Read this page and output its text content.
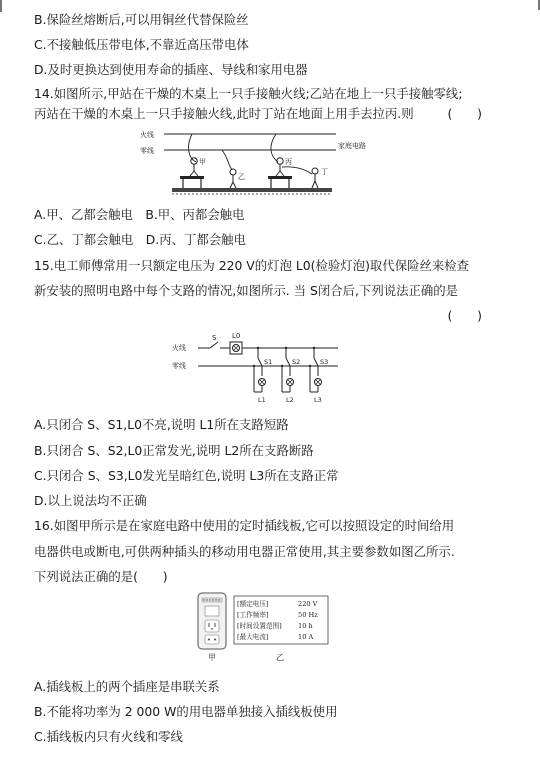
B.保险丝熔断后,可以用铜丝代替保险丝
C.不接触低压带电体,不靠近高压带电体
D.及时更换达到使用寿命的插座、导线和家用电器
14.如图所示,甲站在干燥的木桌上一只手接触火线;乙站在地上一只手接触零线;
丙站在干燥的木桌上一只手接触火线,此时丁站在地面上用手去拉丙.则	(　　)
火线
零线
家庭电路
甲
乙
丙
丁
A.甲、乙都会触电　B.甲、丙都会触电
C.乙、丁都会触电　D.丙、丁都会触电
15.电工师傅常用一只额定电压为 220 V的灯泡 L0(检验灯泡)取代保险丝来检查
新安装的照明电路中每个支路的情况,如图所示. 当 S闭合后,下列说法正确的是
(　　)
火线
零线
S L0
S1
L1
S2
L2
S3
L3
A.只闭合 S、S1,L0不亮,说明 L1所在支路短路
B.只闭合 S、S2,L0正常发光,说明 L2所在支路断路
C.只闭合 S、S3,L0发光呈暗红色,说明 L3所在支路正常
D.以上说法均不正确
16.如图甲所示是在家庭电路中使用的定时插线板,它可以按照设定的时间给用
电器供电或断电,可供两种插头的移动用电器正常使用,其主要参数如图乙所示.
下列说法正确的是(　　)
甲
[额定电压]	220 V
[工作频率]	50 Hz
[时间设置范围] 10 h
[最大电流]	10 A
乙
A.插线板上的两个插座是串联关系
B.不能将功率为 2 000 W的用电器单独接入插线板使用
C.插线板内只有火线和零线
